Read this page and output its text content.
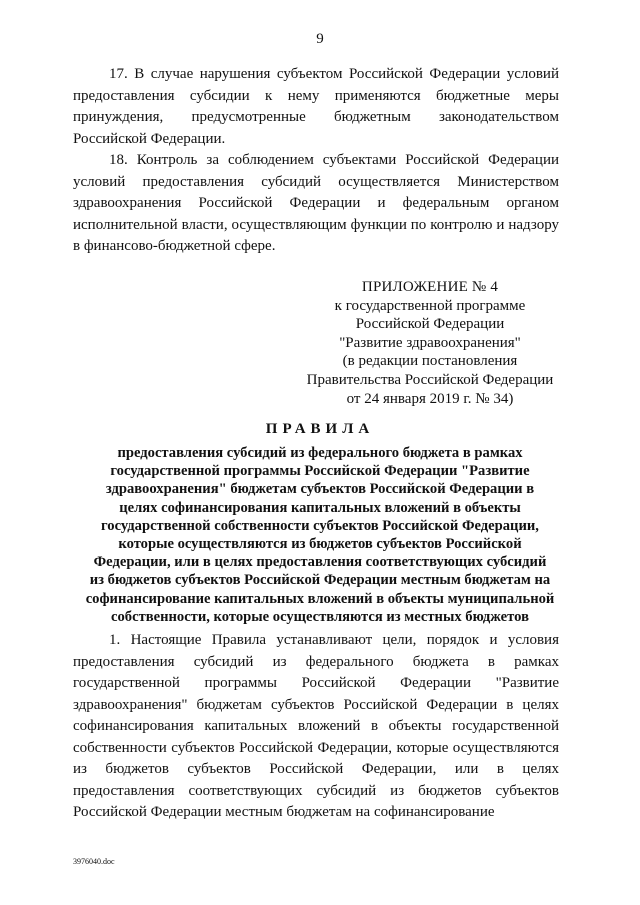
9

17. В случае нарушения субъектом Российской Федерации условий предоставления субсидии к нему применяются бюджетные меры принуждения, предусмотренные бюджетным законодательством Российской Федерации.

18. Контроль за соблюдением субъектами Российской Федерации условий предоставления субсидий осуществляется Министерством здравоохранения Российской Федерации и федеральным органом исполнительной власти, осуществляющим функции по контролю и надзору в финансово-бюджетной сфере.

ПРИЛОЖЕНИЕ № 4
к государственной программе
Российской Федерации
"Развитие здравоохранения"
(в редакции постановления
Правительства Российской Федерации
от 24 января 2019 г. № 34)
ПРАВИЛА

предоставления субсидий из федерального бюджета в рамках государственной программы Российской Федерации "Развитие здравоохранения" бюджетам субъектов Российской Федерации в целях софинансирования капитальных вложений в объекты государственной собственности субъектов Российской Федерации, которые осуществляются из бюджетов субъектов Российской Федерации, или в целях предоставления соответствующих субсидий из бюджетов субъектов Российской Федерации местным бюджетам на софинансирование капитальных вложений в объекты муниципальной собственности, которые осуществляются из местных бюджетов

1. Настоящие Правила устанавливают цели, порядок и условия предоставления субсидий из федерального бюджета в рамках государственной программы Российской Федерации "Развитие здравоохранения" бюджетам субъектов Российской Федерации в целях софинансирования капитальных вложений в объекты государственной собственности субъектов Российской Федерации, которые осуществляются из бюджетов субъектов Российской Федерации, или в целях предоставления соответствующих субсидий из бюджетов субъектов Российской Федерации местным бюджетам на софинансирование

3976040.doc
